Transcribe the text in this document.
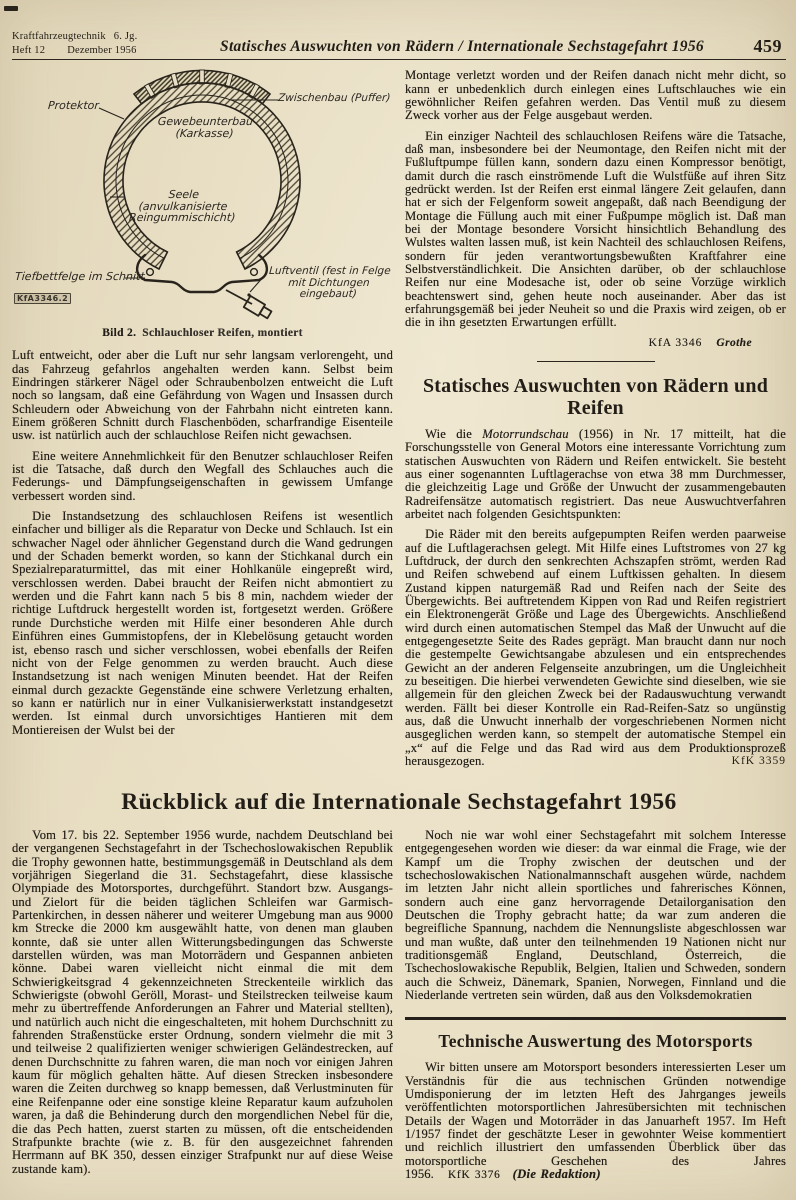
Kraftfahrzeugtechnik 6. Jg.
Heft 12 Dezember 1956	Statisches Auswuchten von Rädern / Internationale Sechstagefahrt 1956	459
Protektor
Zwischenbau (Puffer)
Gewebeunterbau (Karkasse)
Seele (anvulkanisierte Reingummischicht)
Tiefbettfelge im Schnitt	Luftventil (fest in Felge mit Dichtungen eingebaut)
KfA3346.2
Bild 2. Schlauchloser Reifen, montiert

Luft entweicht, oder aber die Luft nur sehr langsam verlorengeht, und das Fahrzeug gefahrlos angehalten werden kann. Selbst beim Eindringen stärkerer Nägel oder Schraubenbolzen entweicht die Luft noch so langsam, daß eine Gefährdung von Wagen und Insassen durch Schleudern oder Abweichung von der Fahrbahn nicht eintreten kann. Einem größeren Schnitt durch Flaschenböden, scharfrandige Eisenteile usw. ist natürlich auch der schlauchlose Reifen nicht gewachsen.

Eine weitere Annehmlichkeit für den Benutzer schlauchloser Reifen ist die Tatsache, daß durch den Wegfall des Schlauches auch die Federungs- und Dämpfungseigenschaften in gewissem Umfange verbessert worden sind.

Die Instandsetzung des schlauchlosen Reifens ist wesentlich einfacher und billiger als die Reparatur von Decke und Schlauch. Ist ein schwacher Nagel oder ähnlicher Gegenstand durch die Wand gedrungen und der Schaden bemerkt worden, so kann der Stichkanal durch ein Spezialreparaturmittel, das mit einer Hohlkanüle eingepreßt wird, verschlossen werden. Dabei braucht der Reifen nicht abmontiert zu werden und die Fahrt kann nach 5 bis 8 min, nachdem wieder der richtige Luftdruck hergestellt worden ist, fortgesetzt werden. Größere runde Durchstiche werden mit Hilfe einer besonderen Ahle durch Einführen eines Gummistopfens, der in Klebelösung getaucht worden ist, ebenso rasch und sicher verschlossen, wobei ebenfalls der Reifen nicht von der Felge genommen zu werden braucht. Auch diese Instandsetzung ist nach wenigen Minuten beendet. Hat der Reifen einmal durch gezackte Gegenstände eine schwere Verletzung erhalten, so kann er natürlich nur in einer Vulkanisierwerkstatt instandgesetzt werden. Ist einmal durch unvorsichtiges Hantieren mit dem Montiereisen der Wulst bei der

Montage verletzt worden und der Reifen danach nicht mehr dicht, so kann er unbedenklich durch einlegen eines Luftschlauches wie ein gewöhnlicher Reifen gefahren werden. Das Ventil muß zu diesem Zweck vorher aus der Felge ausgebaut werden.

Ein einziger Nachteil des schlauchlosen Reifens wäre die Tatsache, daß man, insbesondere bei der Neumontage, den Reifen nicht mit der Fußluftpumpe füllen kann, sondern dazu einen Kompressor benötigt, damit durch die rasch einströmende Luft die Wulstfüße auf ihren Sitz gedrückt werden. Ist der Reifen erst einmal längere Zeit gelaufen, dann hat er sich der Felgenform soweit angepaßt, daß nach Beendigung der Montage die Füllung auch mit einer Fußpumpe möglich ist. Daß man bei der Montage besondere Vorsicht hinsichtlich Behandlung des Wulstes walten lassen muß, ist kein Nachteil des schlauchlosen Reifens, sondern für jeden verantwortungsbewußten Kraftfahrer eine Selbstverständlichkeit. Die Ansichten darüber, ob der schlauchlose Reifen nur eine Modesache ist, oder ob seine Vorzüge wirklich beachtenswert sind, gehen heute noch auseinander. Aber das ist erfahrungsgemäß bei jeder Neuheit so und die Praxis wird zeigen, ob er die in ihn gesetzten Erwartungen erfüllt.

KfA 3346 Grothe
Statisches Auswuchten von Rädern und Reifen

Wie die Motorrundschau (1956) in Nr. 17 mitteilt, hat die Forschungsstelle von General Motors eine interessante Vorrichtung zum statischen Auswuchten von Rädern und Reifen entwickelt. Sie besteht aus einer sogenannten Luftlagerachse von etwa 38 mm Durchmesser, die gleichzeitig Lage und Größe der Unwucht der zusammengebauten Radreifensätze automatisch registriert. Das neue Auswuchtverfahren arbeitet nach folgenden Gesichtspunkten:

Die Räder mit den bereits aufgepumpten Reifen werden paarweise auf die Luftlagerachsen gelegt. Mit Hilfe eines Luftstromes von 27 kg Luftdruck, der durch den senkrechten Achszapfen strömt, werden Rad und Reifen schwebend auf einem Luftkissen gehalten. In diesem Zustand kippen naturgemäß Rad und Reifen nach der Seite des Übergewichts. Bei auftretendem Kippen von Rad und Reifen registriert ein Elektronengerät Größe und Lage des Übergewichts. Anschließend wird durch einen automatischen Stempel das Maß der Unwucht auf die entgegengesetzte Seite des Rades geprägt. Man braucht dann nur noch die gestempelte Gewichtsangabe abzulesen und ein entsprechendes Gewicht an der anderen Felgenseite anzubringen, um die Ungleichheit zu beseitigen. Die hierbei verwendeten Gewichte sind dieselben, wie sie allgemein für den gleichen Zweck bei der Radauswuchtung verwandt werden. Fällt bei dieser Kontrolle ein Rad-Reifen-Satz so ungünstig aus, daß die Unwucht innerhalb der vorgeschriebenen Normen nicht ausgeglichen werden kann, so stempelt der automatische Stempel ein „x“ auf die Felge und das Rad wird aus dem Produktionsprozeß herausgezogen.	KfK 3359
Rückblick auf die Internationale Sechstagefahrt 1956

Vom 17. bis 22. September 1956 wurde, nachdem Deutschland bei der vergangenen Sechstagefahrt in der Tschechoslowakischen Republik die Trophy gewonnen hatte, bestimmungsgemäß in Deutschland als dem vorjährigen Siegerland die 31. Sechstagefahrt, diese klassische Olympiade des Motorsportes, durchgeführt. Standort bzw. Ausgangs- und Zielort für die beiden täglichen Schleifen war Garmisch-Partenkirchen, in dessen näherer und weiterer Umgebung man aus 9000 km Strecke die 2000 km ausgewählt hatte, von denen man glauben konnte, daß sie unter allen Witterungsbedingungen das Schwerste darstellen würden, was man Motorrädern und Gespannen anbieten könne. Dabei waren vielleicht nicht einmal die mit dem Schwierigkeitsgrad 4 gekennzeichneten Streckenteile wirklich das Schwierigste (obwohl Geröll, Morast- und Steilstrecken teilweise kaum mehr zu übertreffende Anforderungen an Fahrer und Material stellten), und natürlich auch nicht die eingeschalteten, mit hohem Durchschnitt zu fahrenden Straßenstücke erster Ordnung, sondern vielmehr die mit 3 und teilweise 2 qualifizierten weniger schwierigen Geländestrecken, auf denen Durchschnitte zu fahren waren, die man noch vor einigen Jahren kaum für möglich gehalten hätte. Auf diesen Strecken insbesondere waren die Zeiten durchweg so knapp bemessen, daß Verlustminuten für eine Reifenpanne oder eine sonstige kleine Reparatur kaum aufzuholen waren, ja daß die Behinderung durch den morgendlichen Nebel für die, die das Pech hatten, zuerst starten zu müssen, oft die entscheidenden Strafpunkte brachte (wie z. B. für den ausgezeichnet fahrenden Herrmann auf BK 350, dessen einziger Strafpunkt nur auf diese Weise zustande kam).

Noch nie war wohl einer Sechstagefahrt mit solchem Interesse entgegengesehen worden wie dieser: da war einmal die Frage, wie der Kampf um die Trophy zwischen der deutschen und der tschechoslowakischen Nationalmannschaft ausgehen würde, nachdem im letzten Jahr nicht allein sportliches und fahrerisches Können, sondern auch eine ganz hervorragende Detailorganisation den Deutschen die Trophy gebracht hatte; da war zum anderen die begreifliche Spannung, nachdem die Nennungsliste abgeschlossen war und man wußte, daß unter den teilnehmenden 19 Nationen nicht nur traditionsgemäß England, Deutschland, Österreich, die Tschechoslowakische Republik, Belgien, Italien und Schweden, sondern auch die Schweiz, Dänemark, Spanien, Norwegen, Finnland und die Niederlande vertreten sein würden, daß aus den Volksdemokratien

Technische Auswertung des Motorsports

Wir bitten unsere am Motorsport besonders interessierten Leser um Verständnis für die aus technischen Gründen notwendige Umdisponierung der im letzten Heft des Jahrganges jeweils veröffentlichten motorsportlichen Jahresübersichten mit technischen Details der Wagen und Motorräder in das Januarheft 1957. Im Heft 1/1957 findet der geschätzte Leser in gewohnter Weise kommentiert und reichlich illustriert den umfassenden Überblick über das motorsportliche Geschehen des Jahres 1956. KfK 3376 (Die Redaktion)
